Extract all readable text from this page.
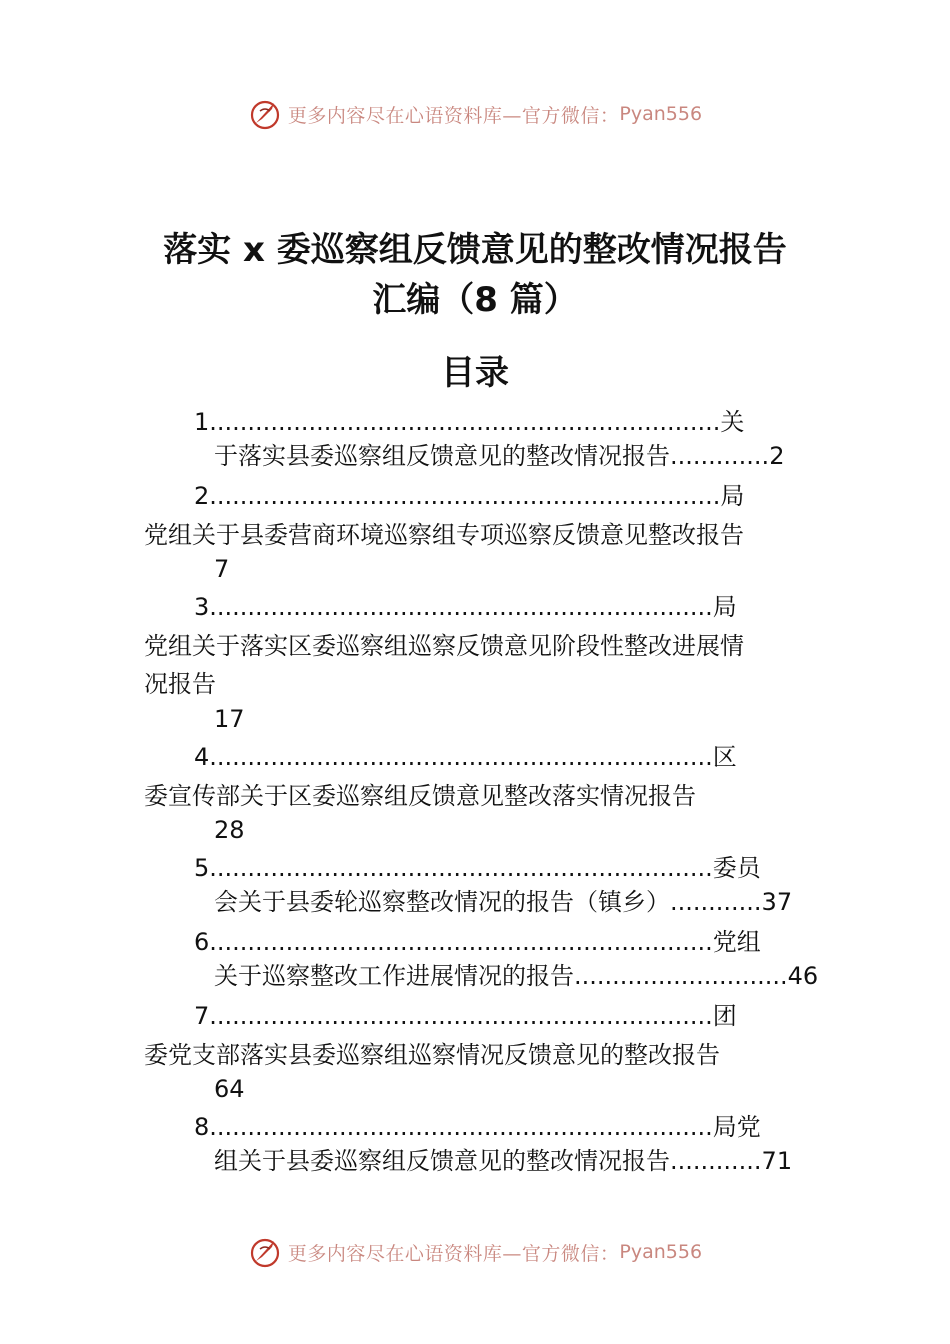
更多内容尽在心语资料库—官方微信： Pyan556
落实 x 委巡察组反馈意见的整改情况报告
汇编（8 篇）
目录
1...................................................................关
于落实县委巡察组反馈意见的整改情况报告.............2
2...................................................................局
党组关于县委营商环境巡察组专项巡察反馈意见整改报告
7
3..................................................................局
党组关于落实区委巡察组巡察反馈意见阶段性整改进展情
况报告
17
4..................................................................区
委宣传部关于区委巡察组反馈意见整改落实情况报告
28
5..................................................................委员
会关于县委轮巡察整改情况的报告（镇乡）............37
6..................................................................党组
关于巡察整改工作进展情况的报告............................46
7..................................................................团
委党支部落实县委巡察组巡察情况反馈意见的整改报告
64
8..................................................................局党
组关于县委巡察组反馈意见的整改情况报告............71
更多内容尽在心语资料库—官方微信： Pyan556
